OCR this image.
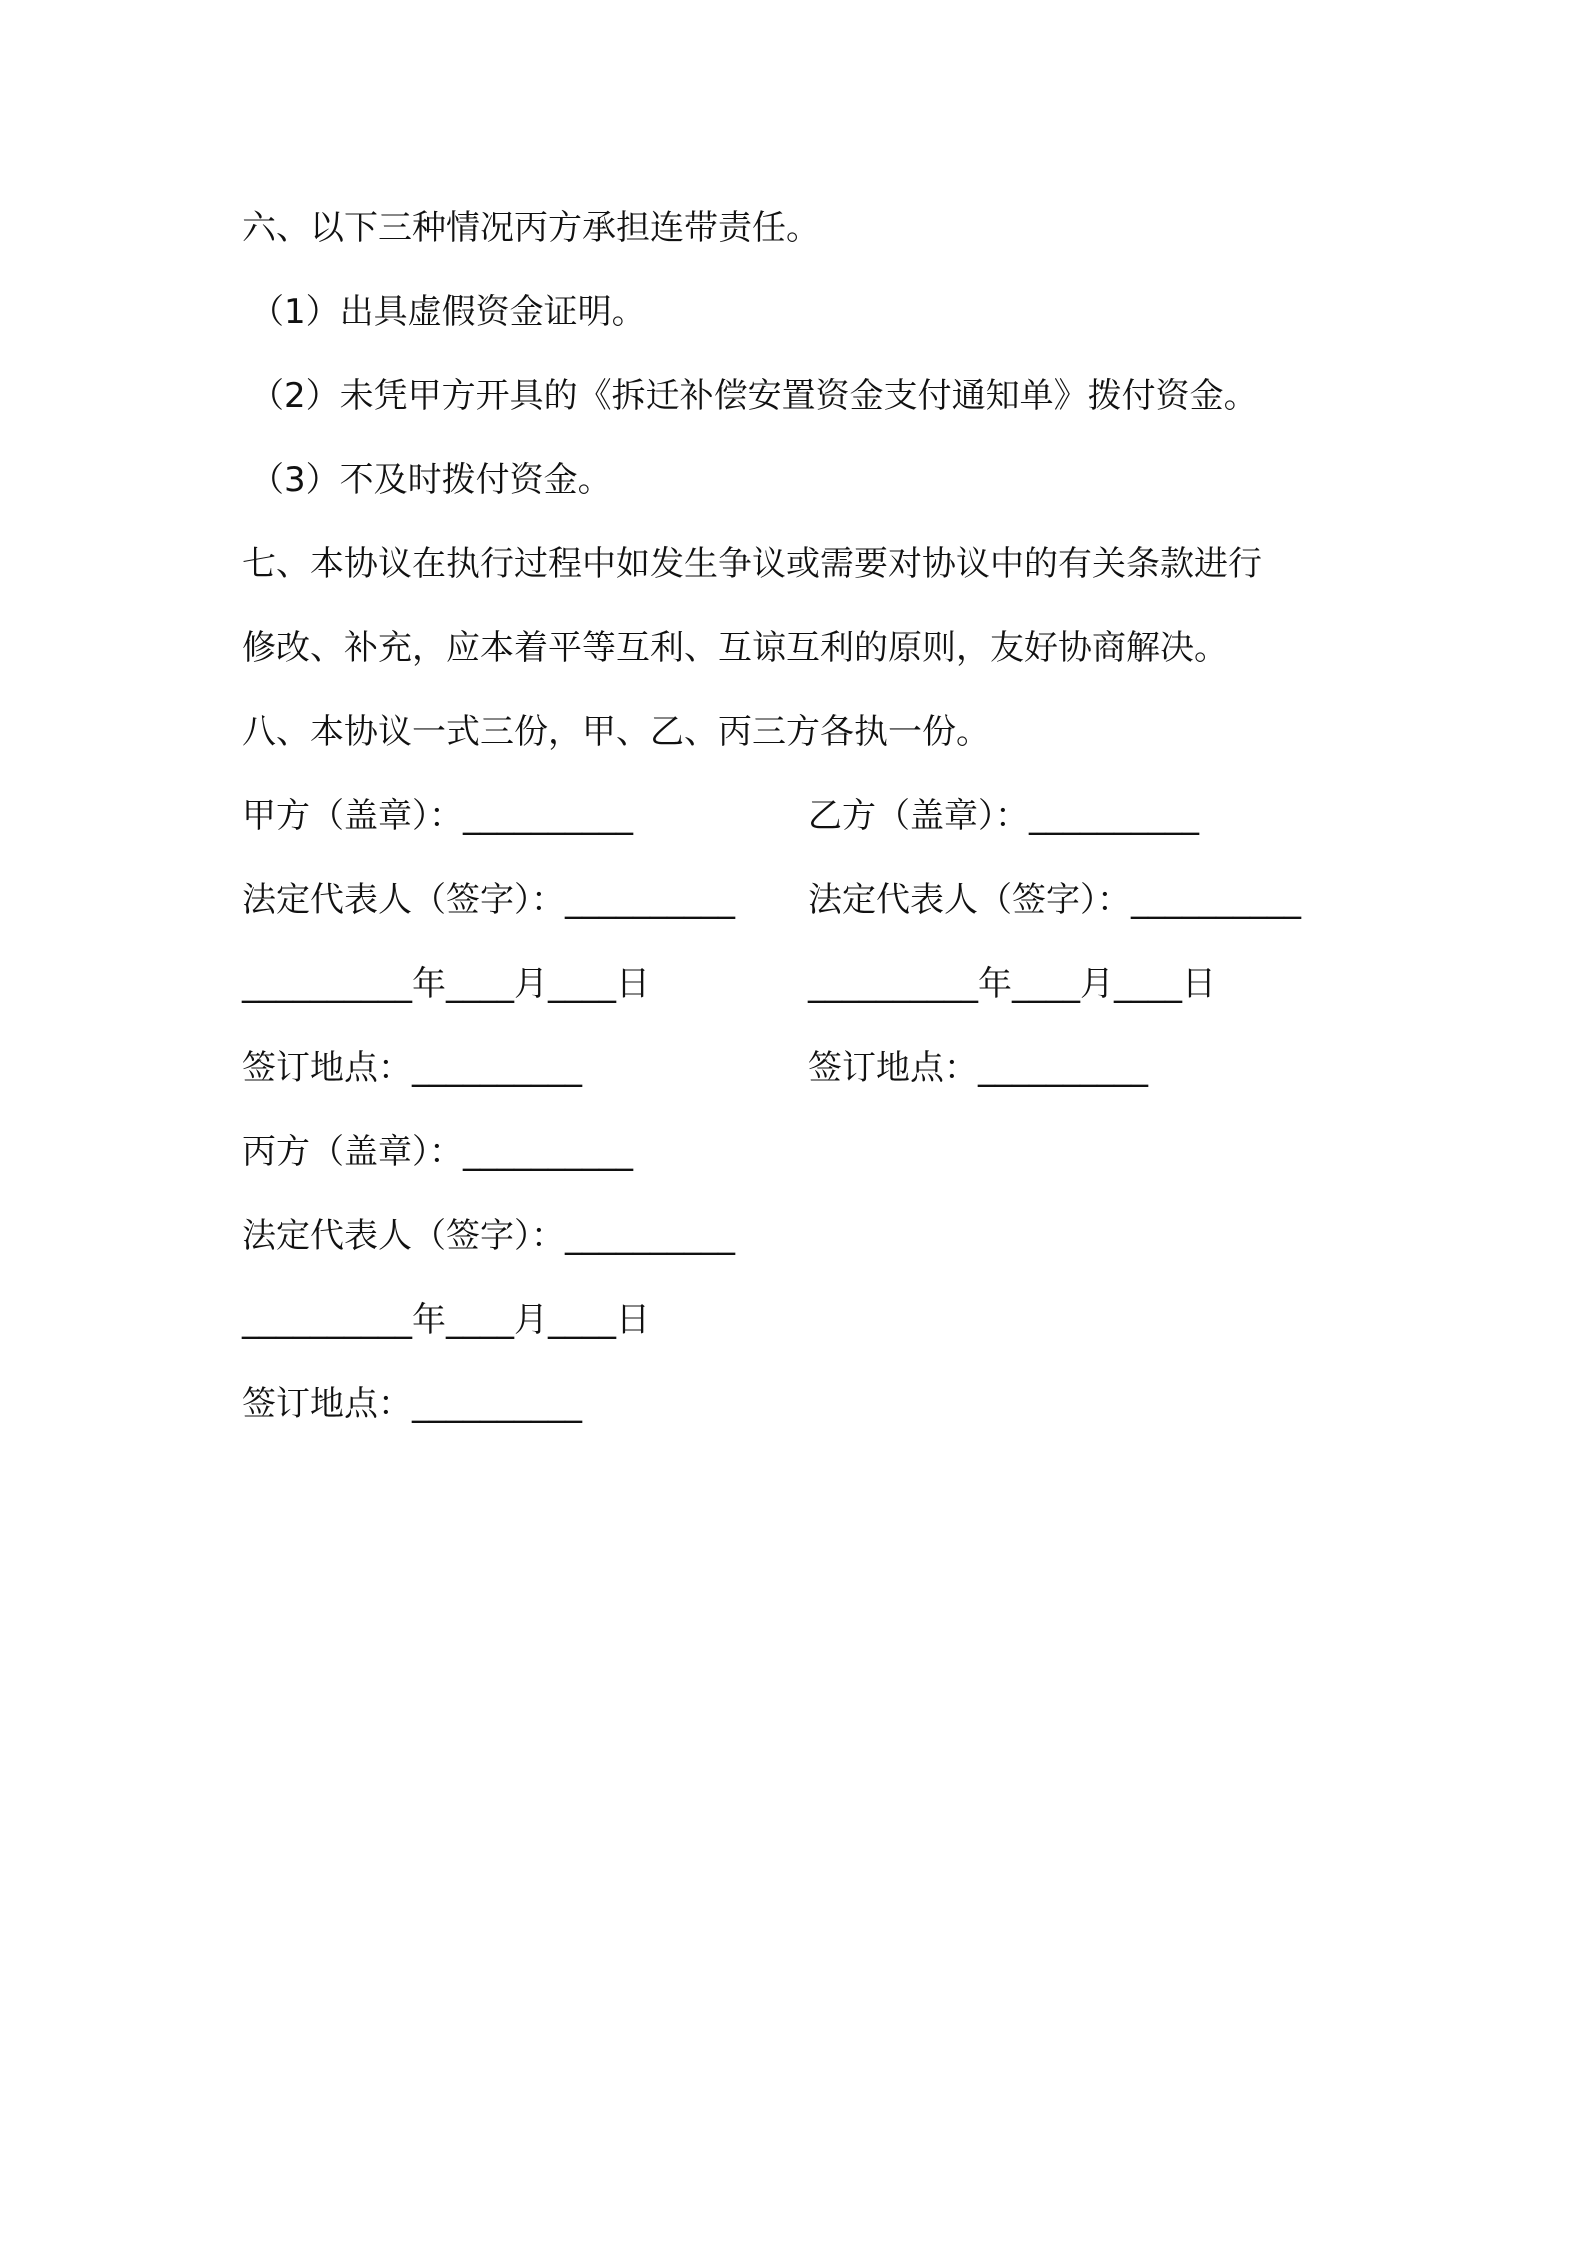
六、以下三种情况丙方承担连带责任。
（1）出具虚假资金证明。
（2）未凭甲方开具的《拆迁补偿安置资金支付通知单》拨付资金。
（3）不及时拨付资金。
七、本协议在执行过程中如发生争议或需要对协议中的有关条款进行
修改、补充，应本着平等互利、互谅互利的原则，友好协商解决。
八、本协议一式三份，甲、乙、丙三方各执一份。
甲方（盖章）：__________	乙方（盖章）：__________
法定代表人（签字）：__________ 法定代表人（签字）：__________
__________年____月____日	__________年____月____日
签订地点：__________	签订地点：__________
丙方（盖章）：__________
法定代表人（签字）：__________
__________年____月____日
签订地点：__________
